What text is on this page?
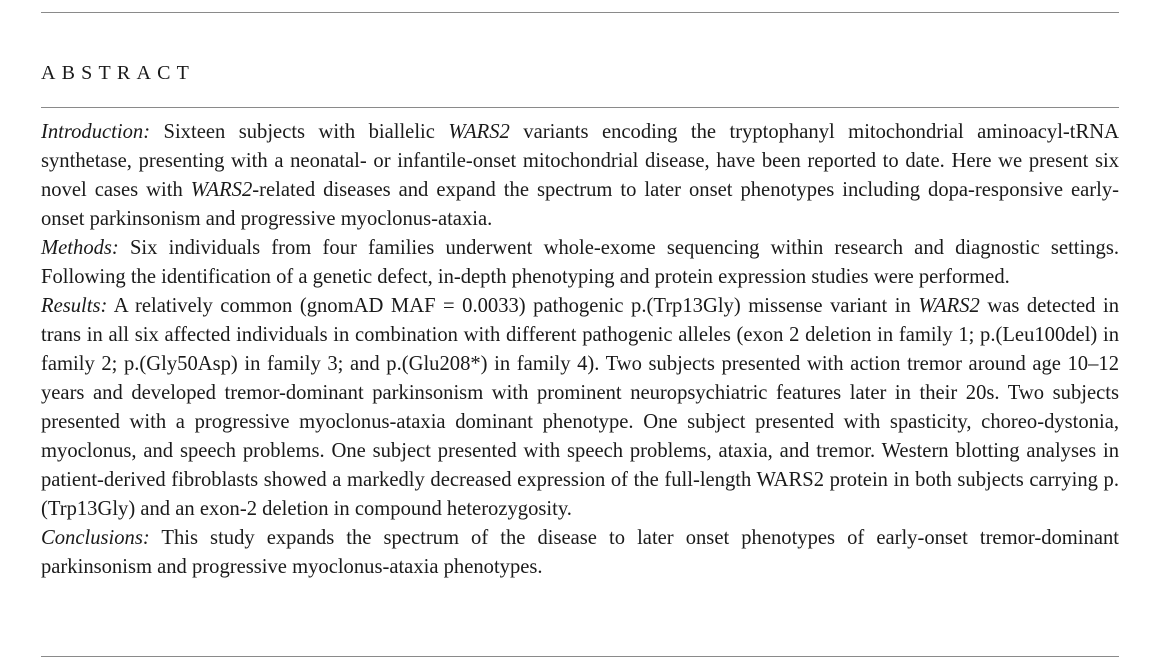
ABSTRACT

Introduction: Sixteen subjects with biallelic WARS2 variants encoding the tryptophanyl mitochondrial aminoacyl-tRNA synthetase, presenting with a neonatal- or infantile-onset mitochondrial disease, have been reported to date. Here we present six novel cases with WARS2-related diseases and expand the spectrum to later onset phenotypes including dopa-responsive early-onset parkinsonism and progressive myoclonus-ataxia.

Methods: Six individuals from four families underwent whole-exome sequencing within research and diagnostic settings. Following the identification of a genetic defect, in-depth phenotyping and protein expression studies were performed.

Results: A relatively common (gnomAD MAF = 0.0033) pathogenic p.(Trp13Gly) missense variant in WARS2 was detected in trans in all six affected individuals in combination with different pathogenic alleles (exon 2 deletion in family 1; p.(Leu100del) in family 2; p.(Gly50Asp) in family 3; and p.(Glu208*) in family 4). Two subjects presented with action tremor around age 10–12 years and developed tremor-dominant parkinsonism with prominent neuropsychiatric features later in their 20s. Two subjects presented with a progressive myoclonus-ataxia dominant phenotype. One subject presented with spasticity, choreo-dystonia, myoclonus, and speech problems. One subject presented with speech problems, ataxia, and tremor. Western blotting analyses in patient-derived fibroblasts showed a markedly decreased expression of the full-length WARS2 protein in both subjects carrying p.(Trp13Gly) and an exon-2 deletion in compound heterozygosity.

Conclusions: This study expands the spectrum of the disease to later onset phenotypes of early-onset tremor-dominant parkinsonism and progressive myoclonus-ataxia phenotypes.
